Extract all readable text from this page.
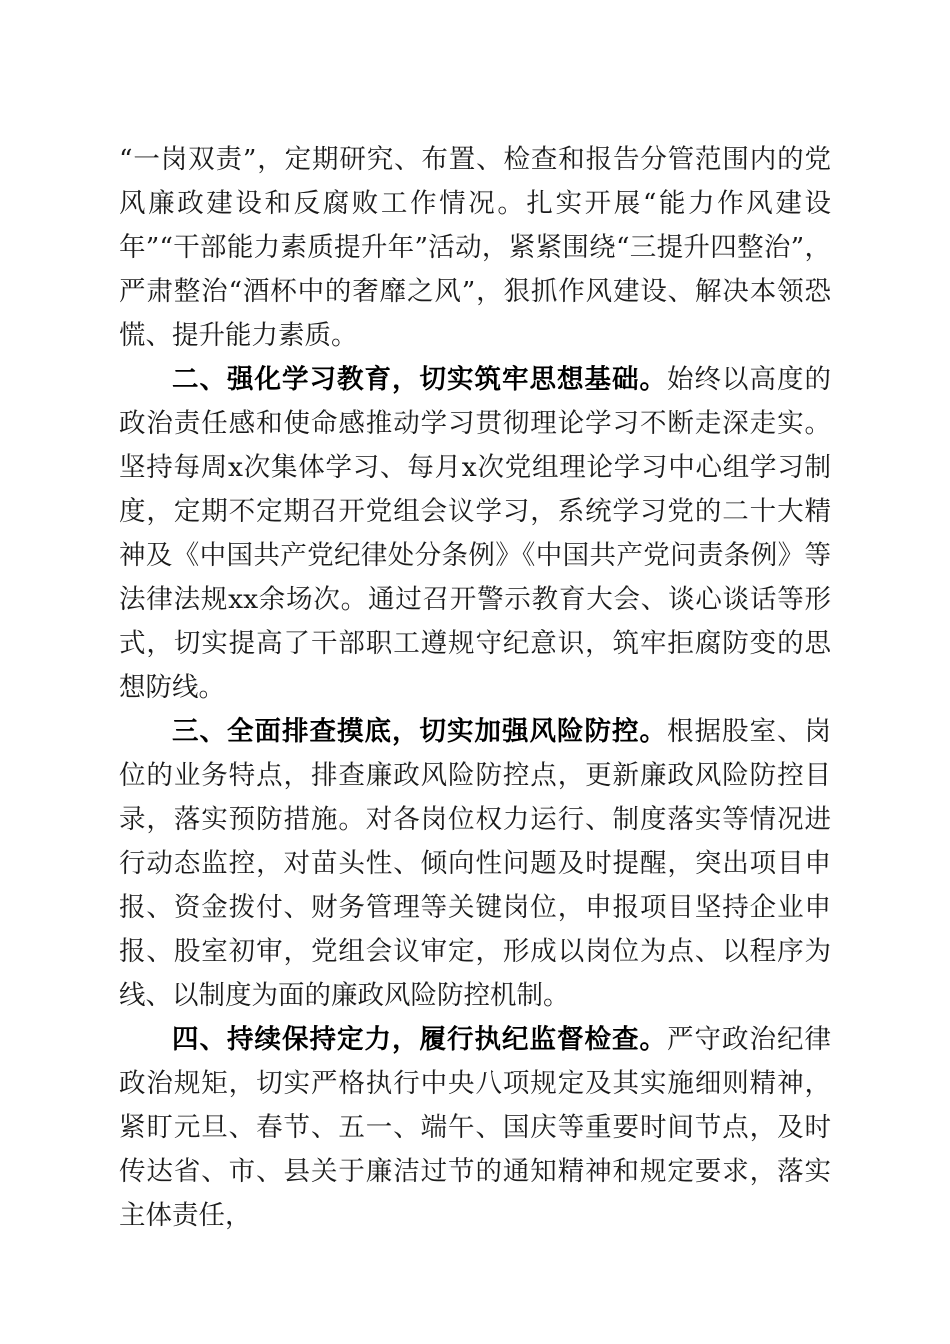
“一岗双责”，定期研究、布置、检查和报告分管范围内的党风廉政建设和反腐败工作情况。扎实开展“能力作风建设年”“干部能力素质提升年”活动，紧紧围绕“三提升四整治”，严肃整治“酒杯中的奢靡之风”，狠抓作风建设、解决本领恐慌、提升能力素质。

二、强化学习教育，切实筑牢思想基础。始终以高度的政治责任感和使命感推动学习贯彻理论学习不断走深走实。坚持每周x次集体学习、每月x次党组理论学习中心组学习制度，定期不定期召开党组会议学习，系统学习党的二十大精神及《中国共产党纪律处分条例》《中国共产党问责条例》等法律法规xx余场次。通过召开警示教育大会、谈心谈话等形式，切实提高了干部职工遵规守纪意识，筑牢拒腐防变的思想防线。

三、全面排查摸底，切实加强风险防控。根据股室、岗位的业务特点，排查廉政风险防控点，更新廉政风险防控目录，落实预防措施。对各岗位权力运行、制度落实等情况进行动态监控，对苗头性、倾向性问题及时提醒，突出项目申报、资金拨付、财务管理等关键岗位，申报项目坚持企业申报、股室初审，党组会议审定，形成以岗位为点、以程序为线、以制度为面的廉政风险防控机制。

四、持续保持定力，履行执纪监督检查。严守政治纪律政治规矩，切实严格执行中央八项规定及其实施细则精神，紧盯元旦、春节、五一、端午、国庆等重要时间节点，及时传达省、市、县关于廉洁过节的通知精神和规定要求，落实主体责任，
